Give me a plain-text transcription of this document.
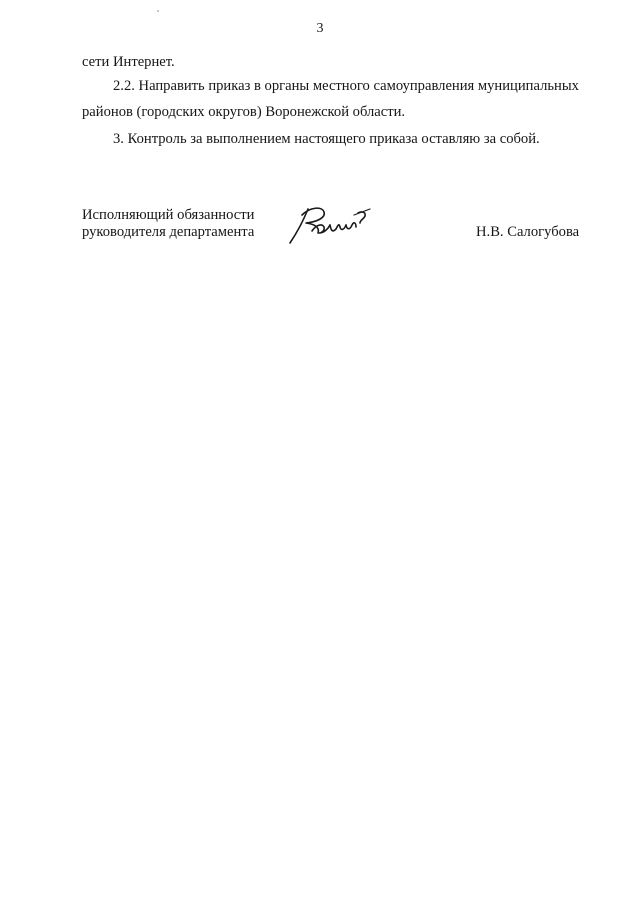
3
сети Интернет.
2.2. Направить приказ в органы местного самоуправления муниципальных
районов (городских округов) Воронежской области.
3. Контроль за выполнением настоящего приказа оставляю за собой.
Исполняющий обязанности
руководителя департамента	Н.В. Салогубова
